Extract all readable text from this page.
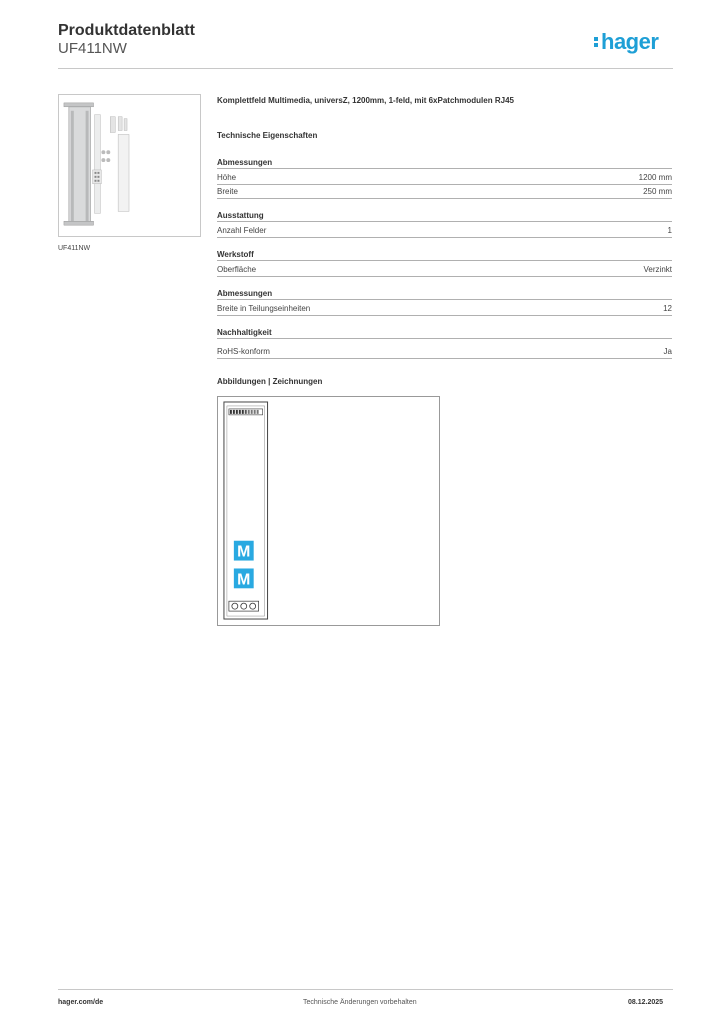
Produktdatenblatt
UF411NW	hager
UF411NW
Komplettfeld Multimedia, universZ, 1200mm, 1-feld, mit 6xPatchmodulen RJ45
Technische Eigenschaften
Abmessungen
Höhe	1200 mm
Breite	250 mm
Ausstattung
Anzahl Felder	1
Werkstoff
Oberfläche	Verzinkt
Abmessungen
Breite in Teilungseinheiten	12
Nachhaltigkeit
RoHS-konform	Ja
Abbildungen | Zeichnungen
M
M
hager.com/de	Technische Änderungen vorbehalten	08.12.2025
